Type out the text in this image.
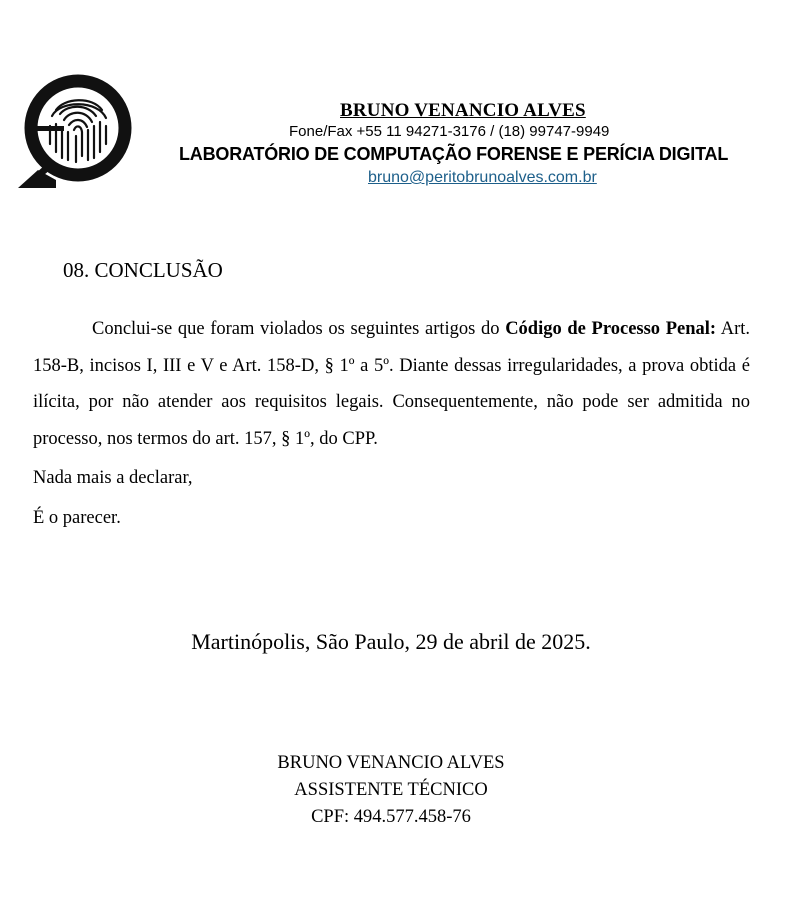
BRUNO VENANCIO ALVES
Fone/Fax +55 11 94271-3176 / (18) 99747-9949
LABORATÓRIO DE COMPUTAÇÃO FORENSE E PERÍCIA DIGITAL
bruno@peritobrunoalves.com.br
08. CONCLUSÃO

Conclui-se que foram violados os seguintes artigos do Código de Processo Penal: Art. 158-B, incisos I, III e V e Art. 158-D, § 1º a 5º. Diante dessas irregularidades, a prova obtida é ilícita, por não atender aos requisitos legais. Consequentemente, não pode ser admitida no processo, nos termos do art. 157, § 1º, do CPP.

Nada mais a declarar,

É o parecer.

Martinópolis, São Paulo, 29 de abril de 2025.
BRUNO VENANCIO ALVES
ASSISTENTE TÉCNICO
CPF: 494.577.458-76
